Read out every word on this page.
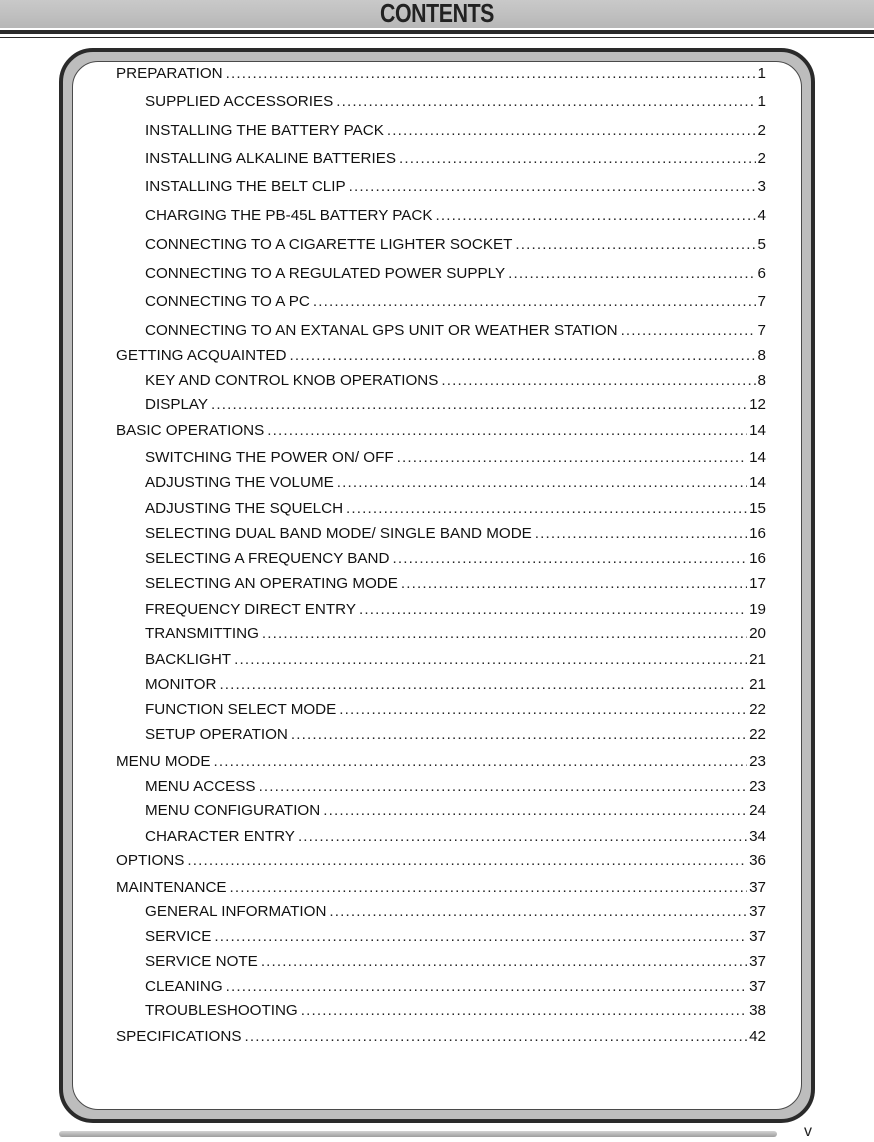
CONTENTS
PREPARATION .....	1
SUPPLIED ACCESSORIES .....	1
INSTALLING THE BATTERY PACK .....	2
INSTALLING ALKALINE BATTERIES .....	2
INSTALLING THE BELT CLIP .....	3
CHARGING THE PB-45L BATTERY PACK .....	4
CONNECTING TO A CIGARETTE LIGHTER SOCKET .....	5
CONNECTING TO A REGULATED POWER SUPPLY .....	6
CONNECTING TO A PC .....	7
CONNECTING TO AN EXTANAL GPS UNIT OR WEATHER STATION .....	7
GETTING ACQUAINTED .....	8
KEY AND CONTROL KNOB OPERATIONS .....	8
DISPLAY .....	12
BASIC OPERATIONS .....	14
SWITCHING THE POWER ON/ OFF .....	14
ADJUSTING THE VOLUME .....	14
ADJUSTING THE SQUELCH .....	15
SELECTING DUAL BAND MODE/ SINGLE BAND MODE .....	16
SELECTING A FREQUENCY BAND .....	16
SELECTING AN OPERATING MODE .....	17
FREQUENCY DIRECT ENTRY .....	19
TRANSMITTING .....	20
BACKLIGHT .....	21
MONITOR .....	21
FUNCTION SELECT MODE .....	22
SETUP OPERATION .....	22
MENU MODE .....	23
MENU ACCESS .....	23
MENU CONFIGURATION .....	24
CHARACTER ENTRY .....	34
OPTIONS .....	36
MAINTENANCE .....	37
GENERAL INFORMATION .....	37
SERVICE .....	37
SERVICE NOTE .....	37
CLEANING .....	37
TROUBLESHOOTING .....	38
SPECIFICATIONS .....	42
v
